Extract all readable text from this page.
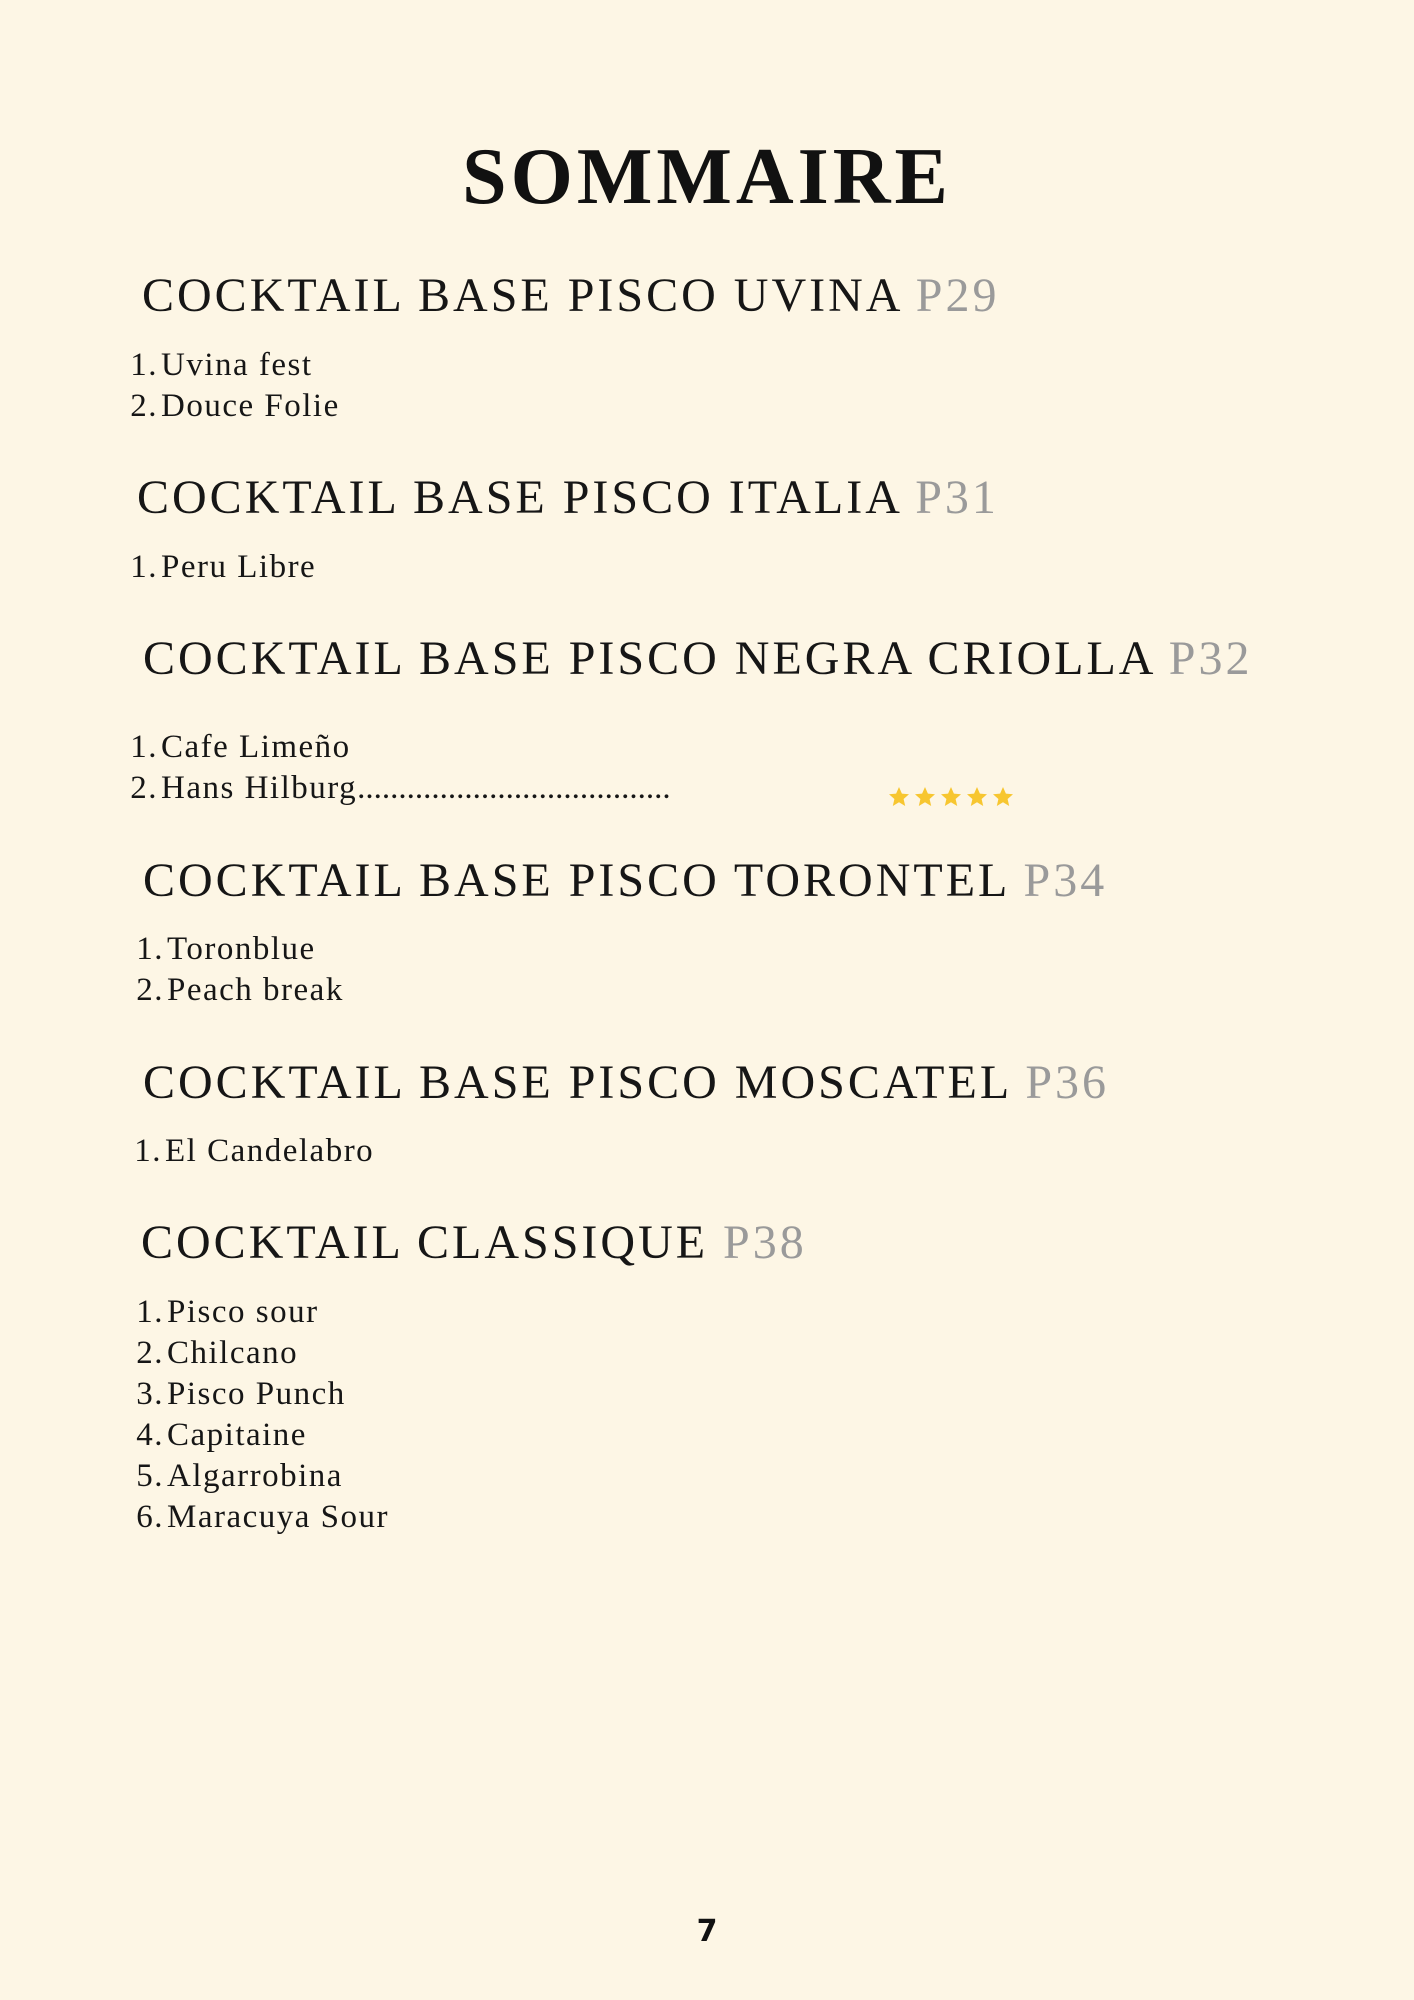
SOMMAIRE
COCKTAIL BASE PISCO UVINA P29
1. Uvina fest
2. Douce Folie
COCKTAIL BASE PISCO ITALIA P31
1. Peru Libre
COCKTAIL BASE PISCO NEGRA CRIOLLA P32
1. Cafe Limeño
2. Hans Hilburg ......................................
COCKTAIL BASE PISCO TORONTEL P34
1. Toronblue
2. Peach break
COCKTAIL BASE PISCO MOSCATEL P36
1. El Candelabro
COCKTAIL CLASSIQUE P38
1. Pisco sour
2. Chilcano
3. Pisco Punch
4. Capitaine
5. Algarrobina
6. Maracuya Sour
7
